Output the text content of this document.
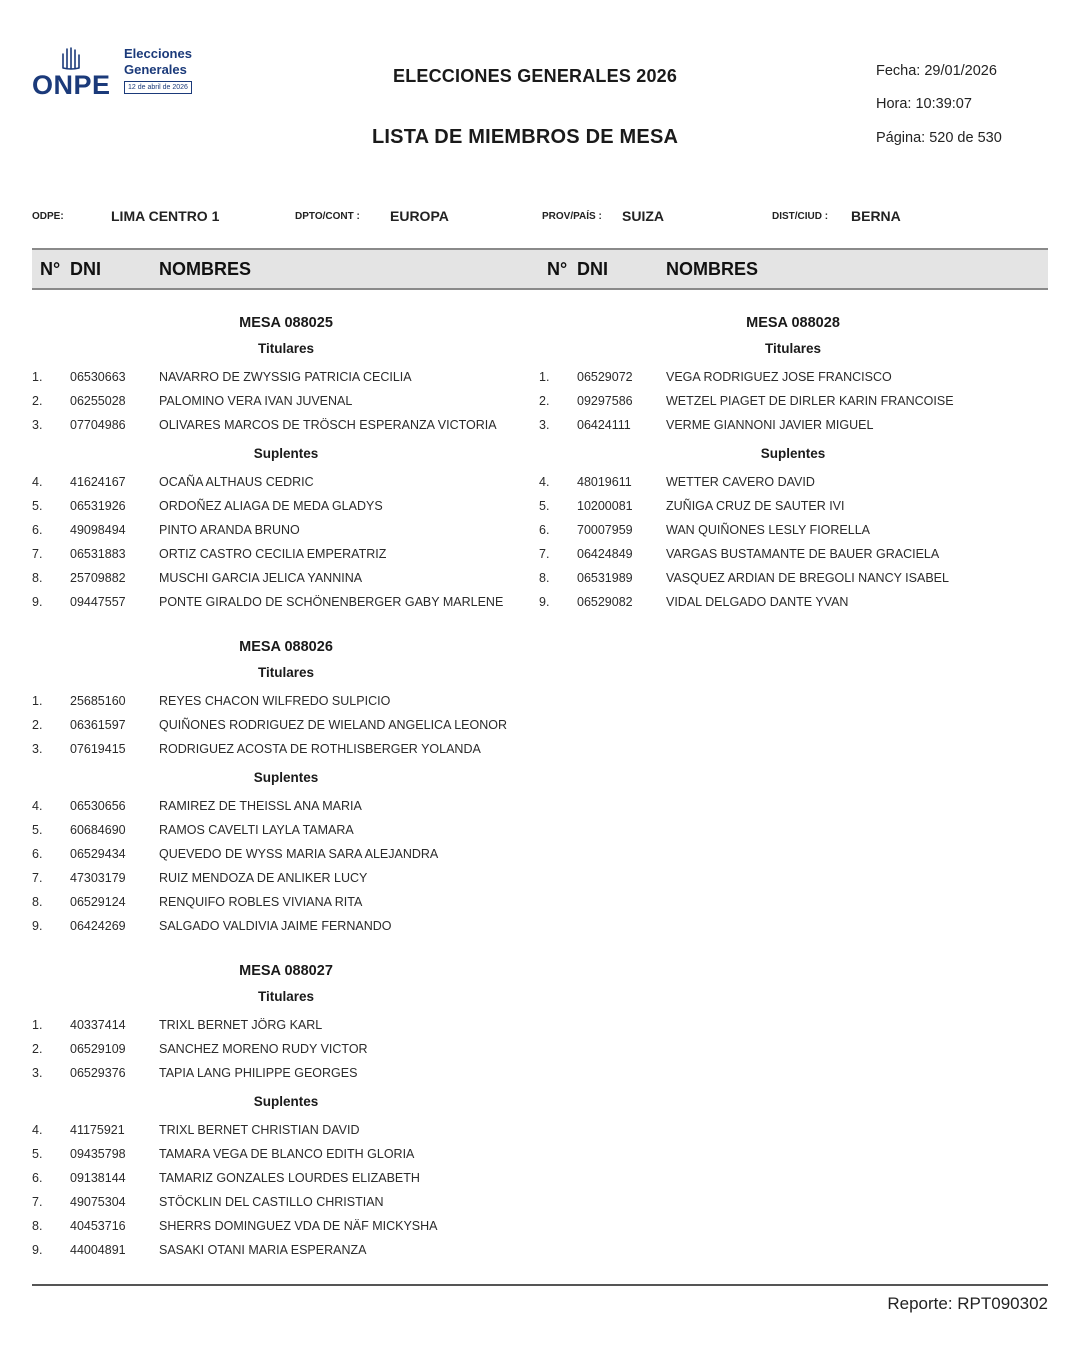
ONPE
Elecciones
Generales
12 de abril de 2026
ELECCIONES GENERALES 2026
LISTA DE MIEMBROS DE MESA
Fecha: 29/01/2026
Hora: 10:39:07
Página: 520 de 530
ODPE:	LIMA CENTRO 1	DPTO/CONT : EUROPA	PROV/PAÍS : SUIZA	DIST/CIUD : BERNA
N° DNI	NOMBRES	N° DNI	NOMBRES
MESA 088025
Titulares
1. 06530663	NAVARRO DE ZWYSSIG PATRICIA CECILIA
2. 06255028	PALOMINO VERA IVAN JUVENAL
3. 07704986	OLIVARES MARCOS DE TRÖSCH ESPERANZA VICTORIA
Suplentes
4. 41624167	OCAÑA ALTHAUS CEDRIC
5. 06531926	ORDOÑEZ ALIAGA DE MEDA GLADYS
6. 49098494	PINTO ARANDA BRUNO
7. 06531883	ORTIZ CASTRO CECILIA EMPERATRIZ
8. 25709882	MUSCHI GARCIA JELICA YANNINA
9. 09447557	PONTE GIRALDO DE SCHÖNENBERGER GABY MARLENE
MESA 088026
Titulares
1. 25685160	REYES CHACON WILFREDO SULPICIO
2. 06361597	QUIÑONES RODRIGUEZ DE WIELAND ANGELICA LEONOR
3. 07619415	RODRIGUEZ ACOSTA DE ROTHLISBERGER YOLANDA
Suplentes
4. 06530656	RAMIREZ DE THEISSL ANA MARIA
5. 60684690	RAMOS CAVELTI LAYLA TAMARA
6. 06529434	QUEVEDO DE WYSS MARIA SARA ALEJANDRA
7. 47303179	RUIZ MENDOZA DE ANLIKER LUCY
8. 06529124	RENQUIFO ROBLES VIVIANA RITA
9. 06424269	SALGADO VALDIVIA JAIME FERNANDO
MESA 088027
Titulares
1. 40337414	TRIXL BERNET JÖRG KARL
2. 06529109	SANCHEZ MORENO RUDY VICTOR
3. 06529376	TAPIA LANG PHILIPPE GEORGES
Suplentes
4. 41175921	TRIXL BERNET CHRISTIAN DAVID
5. 09435798	TAMARA VEGA DE BLANCO EDITH GLORIA
6. 09138144	TAMARIZ GONZALES LOURDES ELIZABETH
7. 49075304	STÖCKLIN DEL CASTILLO CHRISTIAN
8. 40453716	SHERRS DOMINGUEZ VDA DE NÄF MICKYSHA
9. 44004891	SASAKI OTANI MARIA ESPERANZA
MESA 088028
Titulares
1. 06529072	VEGA RODRIGUEZ JOSE FRANCISCO
2. 09297586	WETZEL PIAGET DE DIRLER KARIN FRANCOISE
3. 06424111	VERME GIANNONI JAVIER MIGUEL
Suplentes
4. 48019611	WETTER CAVERO DAVID
5. 10200081	ZUÑIGA CRUZ DE SAUTER IVI
6. 70007959	WAN QUIÑONES LESLY FIORELLA
7. 06424849	VARGAS BUSTAMANTE DE BAUER GRACIELA
8. 06531989	VASQUEZ ARDIAN DE BREGOLI NANCY ISABEL
9. 06529082	VIDAL DELGADO DANTE YVAN
Reporte: RPT090302
